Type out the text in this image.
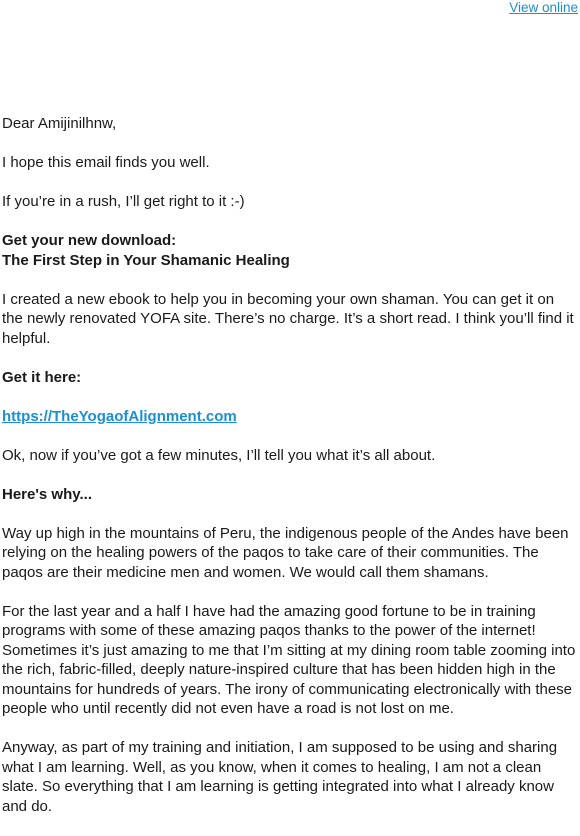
View online

Dear Amijinilhnw,

I hope this email finds you well.

If you’re in a rush, I’ll get right to it :-)

Get your new download:
The First Step in Your Shamanic Healing

I created a new ebook to help you in becoming your own shaman. You can get it on the newly renovated YOFA site. There’s no charge. It’s a short read. I think you’ll find it helpful.

Get it here:

https://TheYogaofAlignment.com

Ok, now if you’ve got a few minutes, I’ll tell you what it’s all about.

Here's why...

Way up high in the mountains of Peru, the indigenous people of the Andes have been relying on the healing powers of the paqos to take care of their communities. The paqos are their medicine men and women. We would call them shamans.

For the last year and a half I have had the amazing good fortune to be in training programs with some of these amazing paqos thanks to the power of the internet! Sometimes it’s just amazing to me that I’m sitting at my dining room table zooming into the rich, fabric-filled, deeply nature-inspired culture that has been hidden high in the mountains for hundreds of years. The irony of communicating electronically with these people who until recently did not even have a road is not lost on me.

Anyway, as part of my training and initiation, I am supposed to be using and sharing what I am learning. Well, as you know, when it comes to healing, I am not a clean slate. So everything that I am learning is getting integrated into what I already know and do.
